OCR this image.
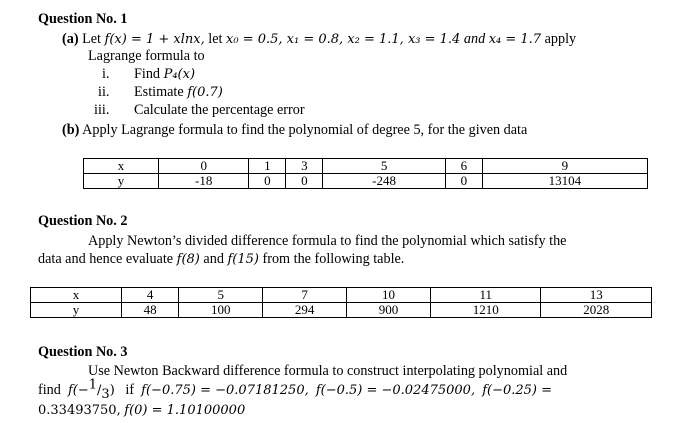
Question No. 1
(a) Let f(x) = 1 + xlnx, let x₀ = 0.5, x₁ = 0.8, x₂ = 1.1, x₃ = 1.4 and x₄ = 1.7 apply
Lagrange formula to
i. Find P₄(x)
ii. Estimate f(0.7)
iii. Calculate the percentage error
(b) Apply Lagrange formula to find the polynomial of degree 5, for the given data
x	0	1	3	5	6	9
y	-18	0	0	-248	0	13104
Question No. 2
Apply Newton’s divided difference formula to find the polynomial which satisfy the
data and hence evaluate f(8) and f(15) from the following table.
x	4	5	7	10	11	13
y	48	100	294	900	1210	2028
Question No. 3
Use Newton Backward difference formula to construct interpolating polynomial and
find $f(-^1/_3)$ if f(−0.75) = −0.07181250, f(−0.5) = −0.02475000, f(−0.25) =
0.33493750, f(0) = 1.10100000
